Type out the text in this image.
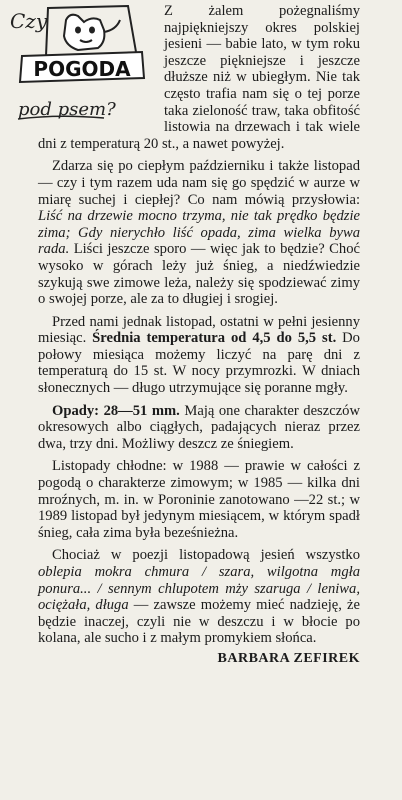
Czy
POGODA
pod psem?

Z żalem pożegnaliśmy najpiękniejszy okres polskiej jesieni — babie lato, w tym roku jeszcze piękniejsze i jeszcze dłuższe niż w ubiegłym. Nie tak często trafia nam się o tej porze taka zieloność traw, taka obfitość listowia na drzewach i tak wiele dni z temperaturą 20 st., a nawet powyżej.

Zdarza się po ciepłym październiku i także listopad — czy i tym razem uda nam się go spędzić w aurze w miarę suchej i ciepłej? Co nam mówią przysłowia: Liść na drzewie mocno trzyma, nie tak prędko będzie zima; Gdy nierychło liść opada, zima wielka bywa rada. Liści jeszcze sporo — więc jak to będzie? Choć wysoko w górach leży już śnieg, a niedźwiedzie szykują swe zimowe leża, należy się spodziewać zimy o swojej porze, ale za to długiej i srogiej.

Przed nami jednak listopad, ostatni w pełni jesienny miesiąc. Średnia temperatura od 4,5 do 5,5 st. Do połowy miesiąca możemy liczyć na parę dni z temperaturą do 15 st. W nocy przymrozki. W dniach słonecznych — długo utrzymujące się poranne mgły.

Opady: 28—51 mm. Mają one charakter deszczów okresowych albo ciągłych, padających nieraz przez dwa, trzy dni. Możliwy deszcz ze śniegiem.

Listopady chłodne: w 1988 — prawie w całości z pogodą o charakterze zimowym; w 1985 — kilka dni mroźnych, m. in. w Poroninie zanotowano —22 st.; w 1989 listopad był jedynym miesiącem, w którym spadł śnieg, cała zima była beześnieżna.

Chociaż w poezji listopadową jesień wszystko oblepia mokra chmura / szara, wilgotna mgła ponura... / sennym chlupotem mży szaruga / leniwa, ociężała, długa — zawsze możemy mieć nadzieję, że będzie inaczej, czyli nie w deszczu i w błocie po kolana, ale sucho i z małym promykiem słońca.

BARBARA ZEFIREK
